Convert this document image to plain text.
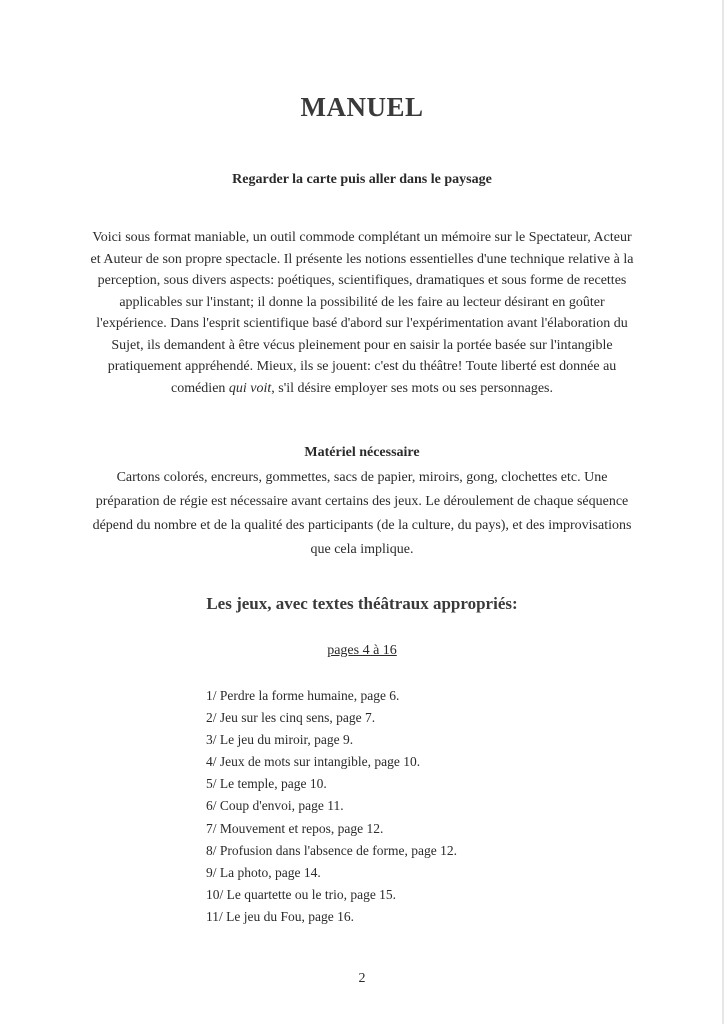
MANUEL
Regarder la carte puis aller dans le paysage

Voici sous format maniable, un outil commode complétant un mémoire sur le Spectateur, Acteur et Auteur de son propre spectacle. Il présente les notions essentielles d'une technique relative à la perception, sous divers aspects: poétiques, scientifiques, dramatiques et sous forme de recettes applicables sur l'instant; il donne la possibilité de les faire au lecteur désirant en goûter l'expérience. Dans l'esprit scientifique basé d'abord sur l'expérimentation avant l'élaboration du Sujet, ils demandent à être vécus pleinement pour en saisir la portée basée sur l'intangible pratiquement appréhendé. Mieux, ils se jouent: c'est du théâtre! Toute liberté est donnée au comédien qui voit, s'il désire employer ses mots ou ses personnages.

Matériel nécessaire

Cartons colorés, encreurs, gommettes, sacs de papier, miroirs, gong, clochettes etc. Une préparation de régie est nécessaire avant certains des jeux. Le déroulement de chaque séquence dépend du nombre et de la qualité des participants (de la culture, du pays), et des improvisations que cela implique.

Les jeux, avec textes théâtraux appropriés:
pages 4 à 16
1/ Perdre la forme humaine, page 6.
2/ Jeu sur les cinq sens, page 7.
3/ Le jeu du miroir, page 9.
4/ Jeux de mots sur intangible, page 10.
5/ Le temple, page 10.
6/ Coup d'envoi, page 11.
7/ Mouvement et repos, page 12.
8/ Profusion dans l'absence de forme, page 12.
9/ La photo, page 14.
10/ Le quartette ou le trio, page 15.
11/ Le jeu du Fou, page 16.
2
